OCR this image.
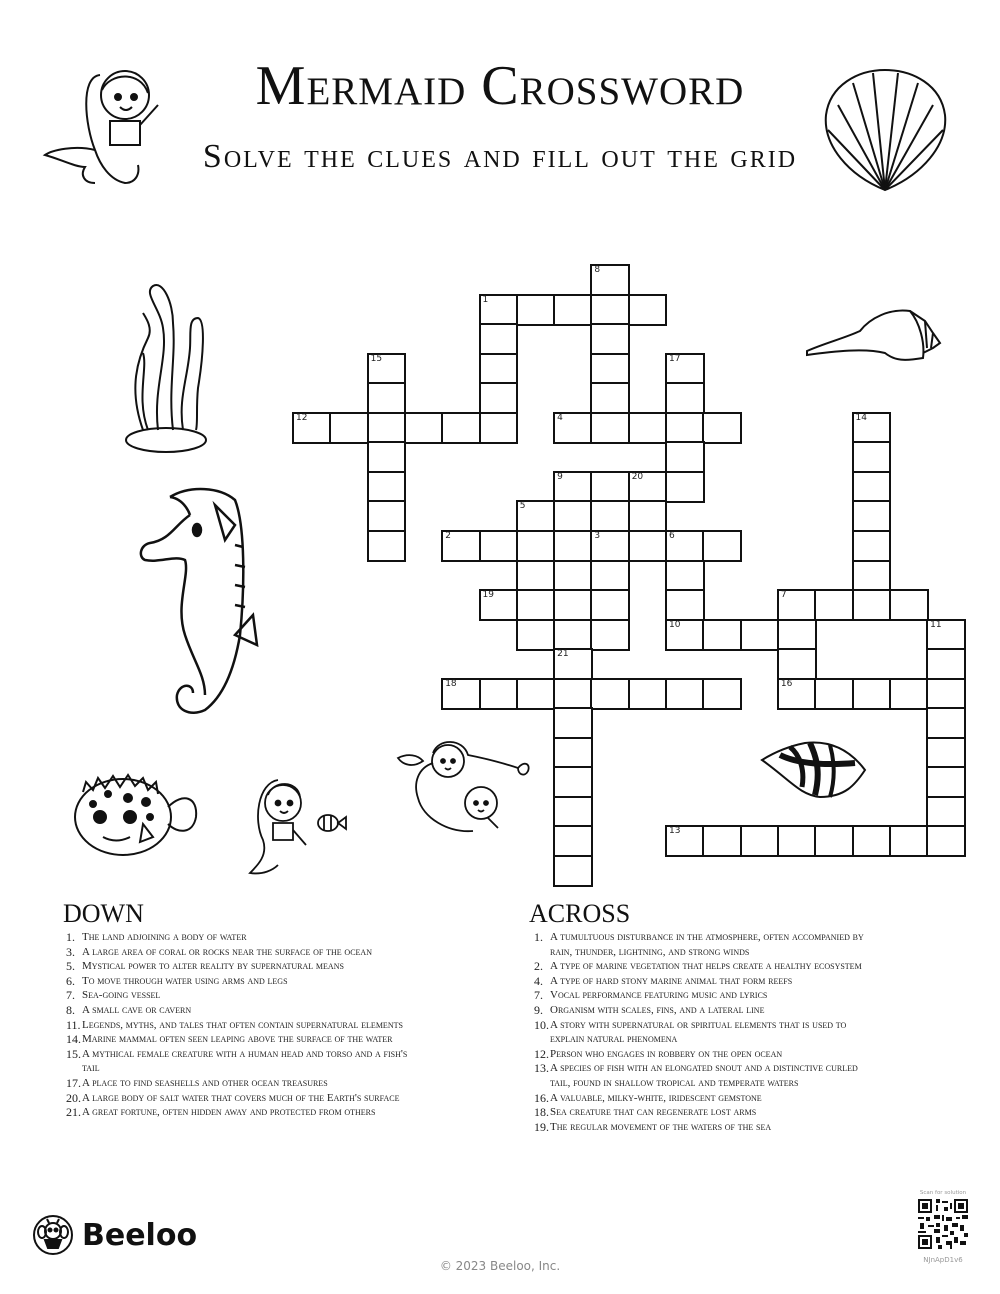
Mermaid Crossword
Solve the clues and fill out the grid
8
1
15	17
12	4	14
9	20
5
2	3	6
19	7
10	11
21
18	16
13
DOWN
1. The land adjoining a body of water
3. A large area of coral or rocks near the surface of the ocean
5. Mystical power to alter reality by supernatural means
6. To move through water using arms and legs
7. Sea-going vessel
8. A small cave or cavern
11. Legends, myths, and tales that often contain supernatural elements
14. Marine mammal often seen leaping above the surface of the water
15. A mythical female creature with a human head and torso and a fish's tail
17. A place to find seashells and other ocean treasures
20. A large body of salt water that covers much of the Earth's surface
21. A great fortune, often hidden away and protected from others
ACROSS
1. A tumultuous disturbance in the atmosphere, often accompanied by rain, thunder, lightning, and strong winds
2. A type of marine vegetation that helps create a healthy ecosystem
4. A type of hard stony marine animal that form reefs
7. Vocal performance featuring music and lyrics
9. Organism with scales, fins, and a lateral line
10. A story with supernatural or spiritual elements that is used to explain natural phenomena
12. Person who engages in robbery on the open ocean
13. A species of fish with an elongated snout and a distinctive curled tail, found in shallow tropical and temperate waters
16. A valuable, milky-white, iridescent gemstone
18. Sea creature that can regenerate lost arms
19. The regular movement of the waters of the sea
Beeloo
© 2023 Beeloo, Inc.
Scan for solution
NJnApD1v6
